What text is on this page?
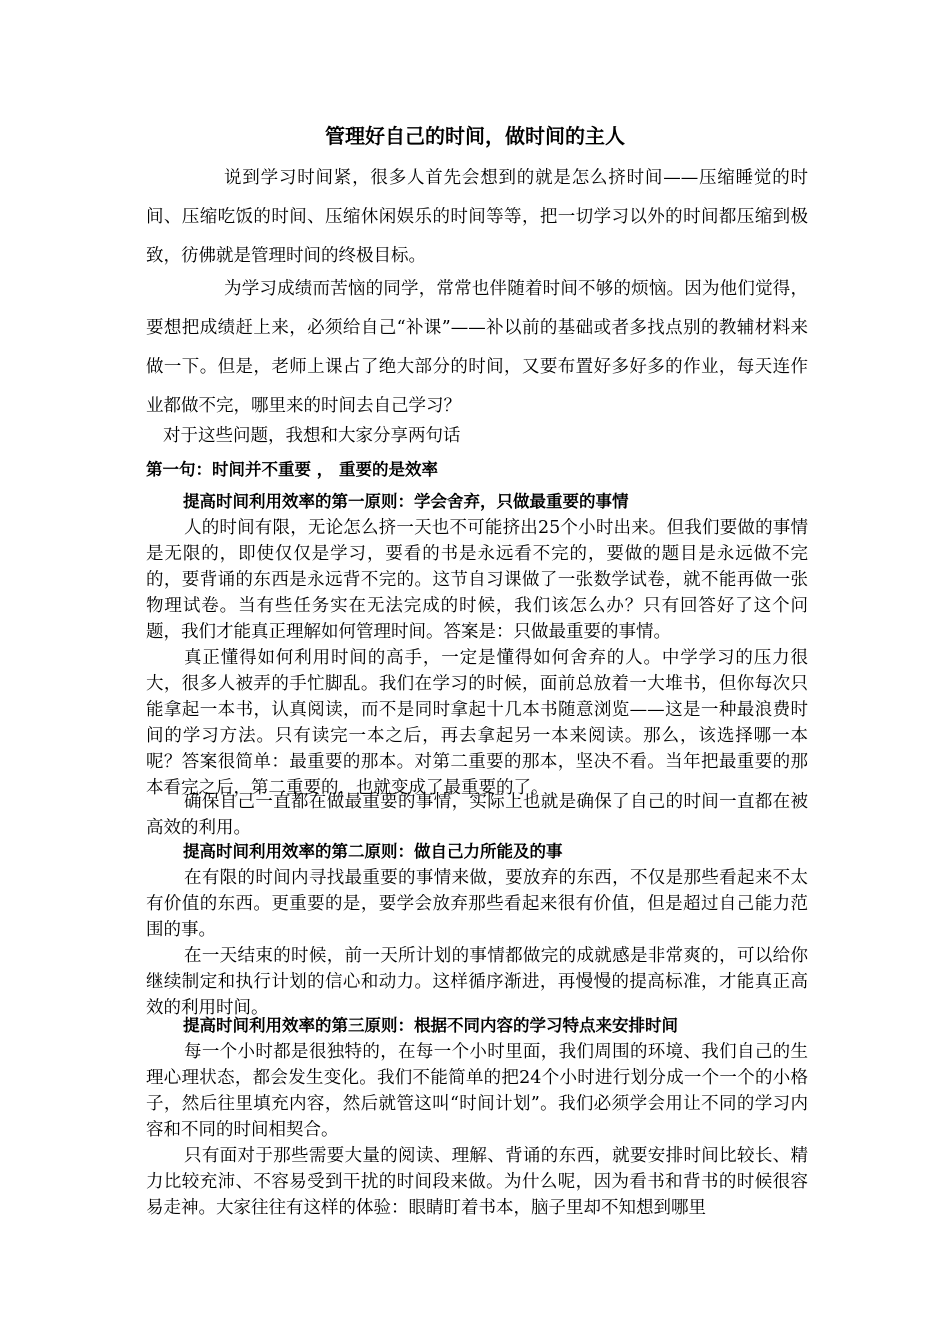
管理好自己的时间，做时间的主人

说到学习时间紧，很多人首先会想到的就是怎么挤时间——压缩睡觉的时间、压缩吃饭的时间、压缩休闲娱乐的时间等等，把一切学习以外的时间都压缩到极致，彷佛就是管理时间的终极目标。

为学习成绩而苦恼的同学，常常也伴随着时间不够的烦恼。因为他们觉得，要想把成绩赶上来，必须给自己“补课”——补以前的基础或者多找点别的教辅材料来做一下。但是，老师上课占了绝大部分的时间，又要布置好多好多的作业，每天连作业都做不完，哪里来的时间去自己学习？

对于这些问题，我想和大家分享两句话

第一句：时间并不重要 ， 重要的是效率

提高时间利用效率的第一原则：学会舍弃，只做最重要的事情

人的时间有限，无论怎么挤一天也不可能挤出25个小时出来。但我们要做的事情是无限的，即使仅仅是学习，要看的书是永远看不完的，要做的题目是永远做不完的，要背诵的东西是永远背不完的。这节自习课做了一张数学试卷，就不能再做一张物理试卷。当有些任务实在无法完成的时候，我们该怎么办？只有回答好了这个问题，我们才能真正理解如何管理时间。答案是：只做最重要的事情。

真正懂得如何利用时间的高手，一定是懂得如何舍弃的人。中学学习的压力很大，很多人被弄的手忙脚乱。我们在学习的时候，面前总放着一大堆书，但你每次只能拿起一本书，认真阅读，而不是同时拿起十几本书随意浏览——这是一种最浪费时间的学习方法。只有读完一本之后，再去拿起另一本来阅读。那么，该选择哪一本呢？答案很简单：最重要的那本。对第二重要的那本，坚决不看。当年把最重要的那本看完之后，第二重要的，也就变成了最重要的了。

确保自己一直都在做最重要的事情，实际上也就是确保了自己的时间一直都在被高效的利用。

提高时间利用效率的第二原则：做自己力所能及的事

在有限的时间内寻找最重要的事情来做，要放弃的东西，不仅是那些看起来不太有价值的东西。更重要的是，要学会放弃那些看起来很有价值，但是超过自己能力范围的事。

在一天结束的时候，前一天所计划的事情都做完的成就感是非常爽的，可以给你继续制定和执行计划的信心和动力。这样循序渐进，再慢慢的提高标准，才能真正高效的利用时间。

提高时间利用效率的第三原则：根据不同内容的学习特点来安排时间

每一个小时都是很独特的，在每一个小时里面，我们周围的环境、我们自己的生理心理状态，都会发生变化。我们不能简单的把24个小时进行划分成一个一个的小格子，然后往里填充内容，然后就管这叫“时间计划”。我们必须学会用让不同的学习内容和不同的时间相契合。

只有面对于那些需要大量的阅读、理解、背诵的东西，就要安排时间比较长、精力比较充沛、不容易受到干扰的时间段来做。为什么呢，因为看书和背书的时候很容易走神。大家往往有这样的体验：眼睛盯着书本，脑子里却不知想到哪里
